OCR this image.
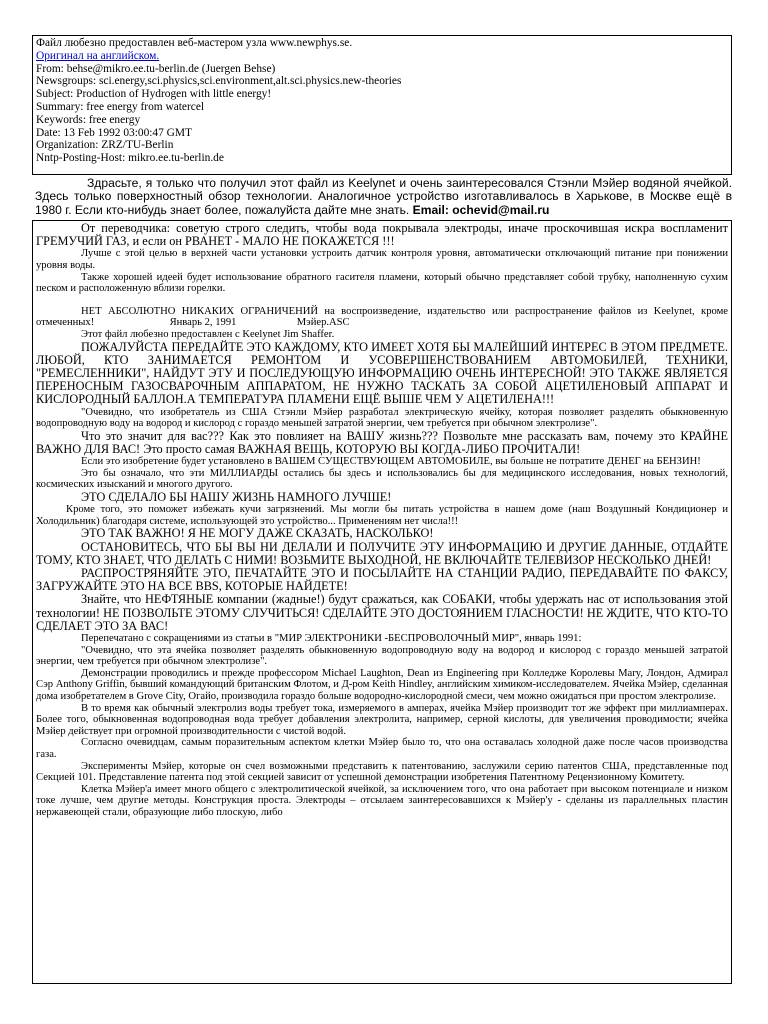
Файл любезно предоставлен веб-мастером узла www.newphys.se.
Оригинал на английском.
From: behse@mikro.ee.tu-berlin.de (Juergen Behse)
Newsgroups: sci.energy,sci.physics,sci.environment,alt.sci.physics.new-theories
Subject: Production of Hydrogen with little energy!
Summary: free energy from watercel
Keywords: free energy
Date: 13 Feb 1992 03:00:47 GMT
Organization: ZRZ/TU-Berlin
Nntp-Posting-Host: mikro.ee.tu-berlin.de
Здрасьте, я только что получил этот файл из Keelynet и очень заинтересовался Стэнли Мэйер водяной ячейкой. Здесь только поверхностный обзор технологии. Аналогичное устройство изготавливалось в Харькове, в Москве ещё в 1980 г. Если кто-нибудь знает более, пожалуйста дайте мне знать. Email: ochevid@mail.ru

От переводчика: советую строго следить, чтобы вода покрывала электроды, иначе проскочившая искра воспламенит ГРЕМУЧИЙ ГАЗ, и если он РВАНЕТ - МАЛО НЕ ПОКАЖЕТСЯ !!!

Лучше с этой целью в верхней части установки устроить датчик контроля уровня, автоматически отключающий питание при понижении уровня воды.

Также хорошей идеей будет использование обратного гасителя пламени, который обычно представляет собой трубку, наполненную сухим песком и расположенную вблизи горелки.

НЕТ АБСОЛЮТНО НИКАКИХ ОГРАНИЧЕНИЙ на воспроизведение, издательство или распространение файлов из Keelynet, кроме отмеченных!	Январь 2, 1991	Мэйер.ASC

Этот файл любезно предоставлен с Keelynet Jim Shaffer.

ПОЖАЛУЙСТА ПЕРЕДАЙТЕ ЭТО КАЖДОМУ, КТО ИМЕЕТ ХОТЯ БЫ МАЛЕЙШИЙ ИНТЕРЕС В ЭТОМ ПРЕДМЕТЕ. ЛЮБОЙ, КТО ЗАНИМАЕТСЯ РЕМОНТОМ И УСОВЕРШЕНСТВОВАНИЕМ АВТОМОБИЛЕЙ, ТЕХНИКИ, "РЕМЕСЛЕННИКИ", НАЙДУТ ЭТУ И ПОСЛЕДУЮЩУЮ ИНФОРМАЦИЮ ОЧЕНЬ ИНТЕРЕСНОЙ! ЭТО ТАКЖЕ ЯВЛЯЕТСЯ ПЕРЕНОСНЫМ ГАЗОСВАРОЧНЫМ АППАРАТОМ, НЕ НУЖНО ТАСКАТЬ ЗА СОБОЙ АЦЕТИЛЕНОВЫЙ АППАРАТ И КИСЛОРОДНЫЙ БАЛЛОН.А ТЕМПЕРАТУРА ПЛАМЕНИ ЕЩЁ ВЫШЕ ЧЕМ У АЦЕТИЛЕНА!!!

"Очевидно, что изобретатель из США Стэнли Мэйер разработал электрическую ячейку, которая позволяет разделять обыкновенную водопроводную воду на водород и кислород с гораздо меньшей затратой энергии, чем требуется при обычном электролизе".

Что это значит для вас??? Как это повлияет на ВАШУ жизнь??? Позвольте мне рассказать вам, почему это КРАЙНЕ ВАЖНО ДЛЯ ВАС! Это просто самая ВАЖНАЯ ВЕЩЬ, КОТОРУЮ ВЫ КОГДА-ЛИБО ПРОЧИТАЛИ!

Если это изобретение будет установлено в ВАШЕМ СУЩЕСТВУЮЩЕМ АВТОМОБИЛЕ, вы больше не потратите ДЕНЕГ на БЕНЗИН!

Это бы означало, что эти МИЛЛИАРДЫ остались бы здесь и использовались бы для медицинского исследования, новых технологий, космических изысканий и многого другого.

ЭТО СДЕЛАЛО БЫ НАШУ ЖИЗНЬ НАМНОГО ЛУЧШЕ!

Кроме того, это поможет избежать кучи загрязнений. Мы могли бы питать устройства в нашем доме (наш Воздушный Кондиционер и Холодильник) благодаря системе, использующей это устройство... Применениям нет числа!!!

ЭТО ТАК ВАЖНО! Я НЕ МОГУ ДАЖЕ СКАЗАТЬ, НАСКОЛЬКО!

ОСТАНОВИТЕСЬ, ЧТО БЫ ВЫ НИ ДЕЛАЛИ И ПОЛУЧИТЕ ЭТУ ИНФОРМАЦИЮ И ДРУГИЕ ДАННЫЕ, ОТДАЙТЕ ТОМУ, КТО ЗНАЕТ, ЧТО ДЕЛАТЬ С НИМИ! ВОЗЬМИТЕ ВЫХОДНОЙ, НЕ ВКЛЮЧАЙТЕ ТЕЛЕВИЗОР НЕСКОЛЬКО ДНЕЙ!

РАСПРОСТРЯНЯЙТЕ ЭТО, ПЕЧАТАЙТЕ ЭТО И ПОСЫЛАЙТЕ НА СТАНЦИИ РАДИО, ПЕРЕДАВАЙТЕ ПО ФАКСУ, ЗАГРУЖАЙТЕ ЭТО НА ВСЕ BBS, КОТОРЫЕ НАЙДЕТЕ!

Знайте, что НЕФТЯНЫЕ компании (жадные!) будут сражаться, как СОБАКИ, чтобы удержать нас от использования этой технологии! НЕ ПОЗВОЛЬТЕ ЭТОМУ СЛУЧИТЬСЯ! СДЕЛАЙТЕ ЭТО ДОСТОЯНИЕМ ГЛАСНОСТИ! НЕ ЖДИТЕ, ЧТО КТО-ТО СДЕЛАЕТ ЭТО ЗА ВАС!

Перепечатано с сокращениями из статьи в "МИР ЭЛЕКТРОНИКИ -БЕСПРОВОЛОЧНЫЙ МИР", январь 1991:

"Очевидно, что эта ячейка позволяет разделять обыкновенную водопроводную воду на водород и кислород с гораздо меньшей затратой энергии, чем требуется при обычном электролизе".

Демонстрации проводились и прежде профессором Michael Laughton, Dean из Engineering при Колледже Королевы Mary, Лондон, Адмирал Сэр Anthony Griffin, бывший командующий британским Флотом, и Д-ром Keith Hindley, английским химиком-исследователем. Ячейка Мэйер, сделанная дома изобретателем в Grove City, Огайо, производила гораздо больше водородно-кислородной смеси, чем можно ожидаться при простом электролизе.

В то время как обычный электролиз воды требует тока, измеряемого в амперах, ячейка Мэйер производит тот же эффект при миллиамперах. Более того, обыкновенная водопроводная вода требует добавления электролита, например, серной кислоты, для увеличения проводимости; ячейка Мэйер действует при огромной производительности с чистой водой.

Согласно очевидцам, самым поразительным аспектом клетки Мэйер было то, что она оставалась холодной даже после часов производства газа.

Эксперименты Мэйер, которые он счел возможными представить к патентованию, заслужили серию патентов США, представленные под Секцией 101. Представление патента под этой секцией зависит от успешной демонстрации изобретения Патентному Рецензионному Комитету.

Клетка Мэйер'а имеет много общего с электролитической ячейкой, за исключением того, что она работает при высоком потенциале и низком токе лучше, чем другие методы. Конструкция проста. Электроды – отсылаем заинтересовавшихся к Мэйер'у - сделаны из параллельных пластин нержавеющей стали, образующие либо плоскую, либо
